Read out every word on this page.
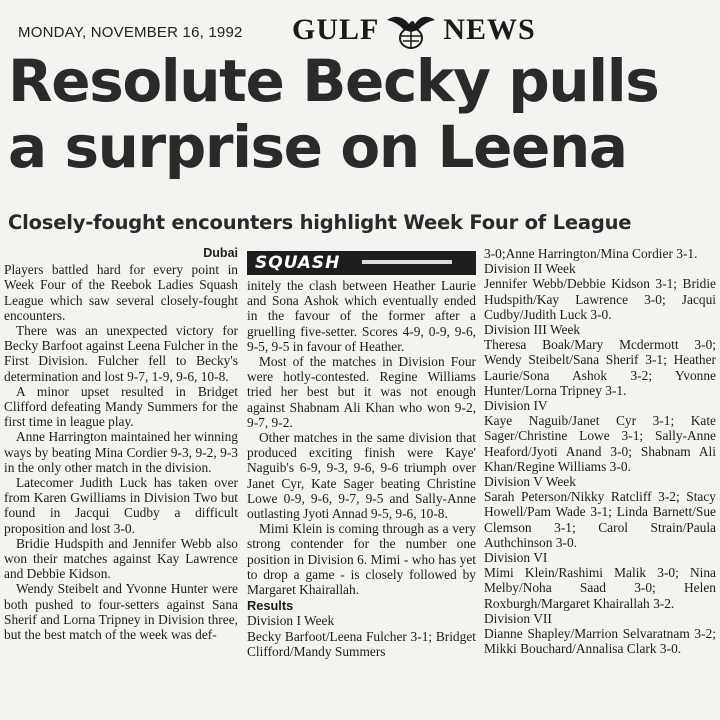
MONDAY, NOVEMBER 16, 1992 GULF NEWS
Resolute Becky pulls
a surprise on Leena
Closely-fought encounters highlight Week Four of League
Dubai

Players battled hard for every point in Week Four of the Reebok Ladies Squash League which saw several closely-fought encounters.

There was an unexpected victory for Becky Barfoot against Leena Fulcher in the First Division. Fulcher fell to Becky's determination and lost 9-7, 1-9, 9-6, 10-8.

A minor upset resulted in Bridget Clifford defeating Mandy Summers for the first time in league play.

Anne Harrington maintained her winning ways by beating Mina Cordier 9-3, 9-2, 9-3 in the only other match in the division.

Latecomer Judith Luck has taken over from Karen Gwilliams in Division Two but found in Jacqui Cudby a difficult proposition and lost 3-0.

Bridie Hudspith and Jennifer Webb also won their matches against Kay Lawrence and Debbie Kidson.

Wendy Steibelt and Yvonne Hunter were both pushed to four-setters against Sana Sherif and Lorna Tripney in Division three, but the best match of the week was def-

SQUASH

initely the clash between Heather Laurie and Sona Ashok which eventually ended in the favour of the former after a gruelling five-setter. Scores 4-9, 0-9, 9-6, 9-5, 9-5 in favour of Heather.

Most of the matches in Division Four were hotly-contested. Regine Williams tried her best but it was not enough against Shabnam Ali Khan who won 9-2, 9-7, 9-2.

Other matches in the same division that produced exciting finish were Kaye' Naguib's 6-9, 9-3, 9-6, 9-6 triumph over Janet Cyr, Kate Sager beating Christine Lowe 0-9, 9-6, 9-7, 9-5 and Sally-Anne outlasting Jyoti Annad 9-5, 9-6, 10-8.

Mimi Klein is coming through as a very strong contender for the number one position in Division 6. Mimi - who has yet to drop a game - is closely followed by Margaret Khairallah.

Results

Division I Week

Becky Barfoot/Leena Fulcher 3-1; Bridget Clifford/Mandy Summers

3-0;Anne Harrington/Mina Cordier 3-1.

Division II Week

Jennifer Webb/Debbie Kidson 3-1; Bridie Hudspith/Kay Lawrence 3-0; Jacqui Cudby/Judith Luck 3-0.

Division III Week

Theresa Boak/Mary Mcdermott 3-0; Wendy Steibelt/Sana Sherif 3-1; Heather Laurie/Sona Ashok 3-2; Yvonne Hunter/Lorna Tripney 3-1.

Division IV

Kaye Naguib/Janet Cyr 3-1; Kate Sager/Christine Lowe 3-1; Sally-Anne Heaford/Jyoti Anand 3-0; Shabnam Ali Khan/Regine Williams 3-0.

Division V Week

Sarah Peterson/Nikky Ratcliff 3-2; Stacy Howell/Pam Wade 3-1; Linda Barnett/Sue Clemson 3-1; Carol Strain/Paula Authchinson 3-0.

Division VI

Mimi Klein/Rashimi Malik 3-0; Nina Melby/Noha Saad 3-0; Helen Roxburgh/Margaret Khairallah 3-2.

Division VII

Dianne Shapley/Marrion Selvaratnam 3-2; Mikki Bouchard/Annalisa Clark 3-0.
